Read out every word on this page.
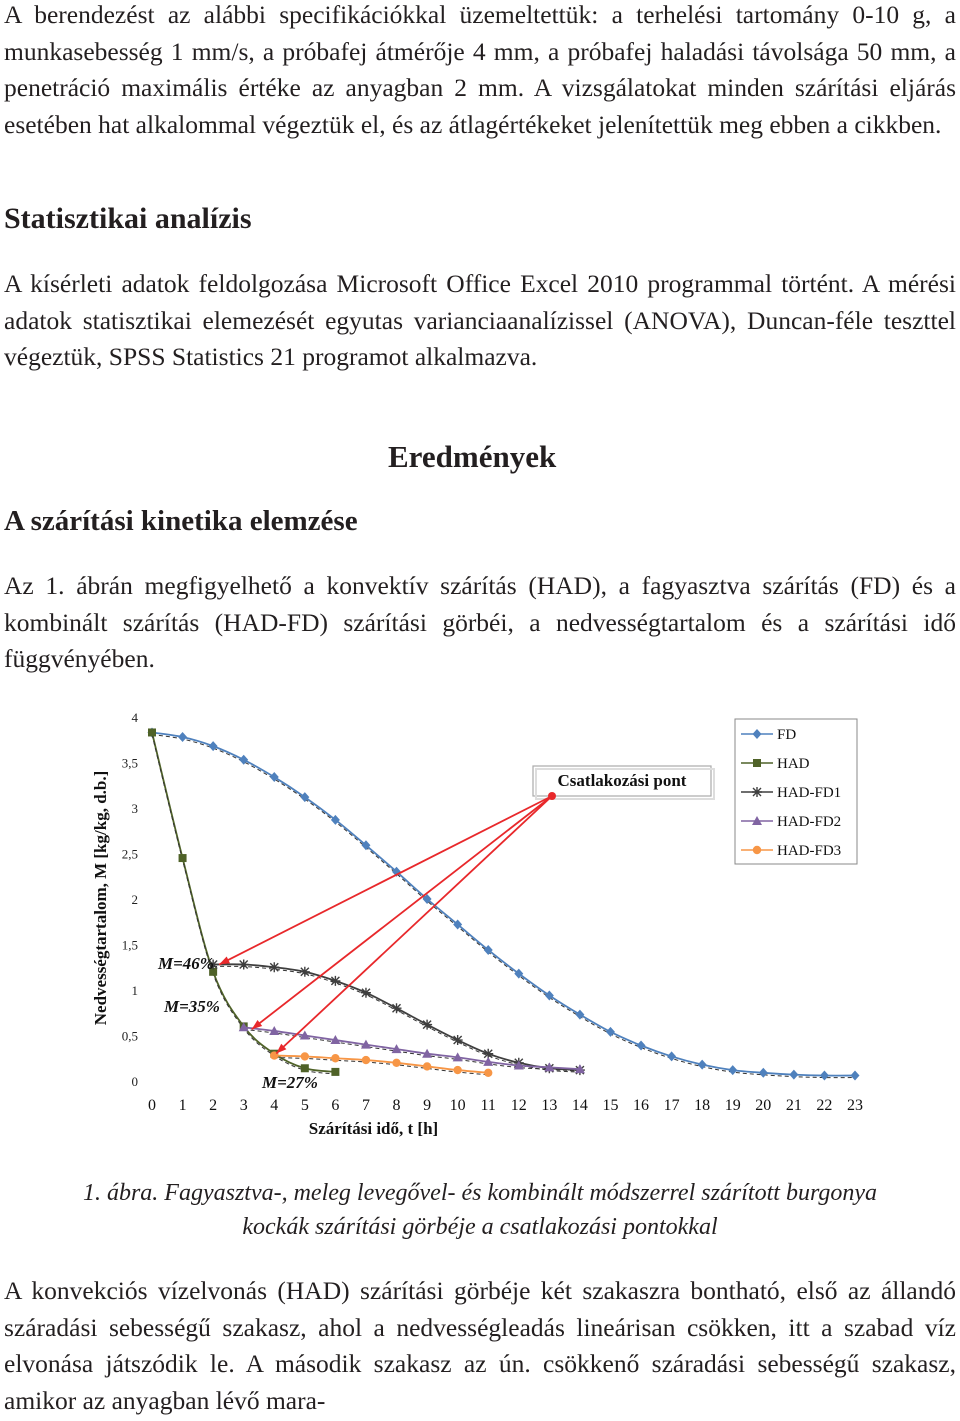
A berendezést az alábbi specifikációkkal üzemeltettük: a terhelési tartomány 0-10 g, a munkasebesség 1 mm/s, a próbafej átmérője 4 mm, a próbafej haladási távolsága 50 mm, a penetráció maximális értéke az anyagban 2 mm. A vizsgálatokat minden szárítási eljárás esetében hat alkalommal végeztük el, és az átlagértékeket jelenítettük meg ebben a cikkben.

Statisztikai analízis

A kísérleti adatok feldolgozása Microsoft Office Excel 2010 programmal történt. A mérési adatok statisztikai elemezését egyutas varianciaanalízissel (ANOVA), Duncan-féle teszttel végeztük, SPSS Statistics 21 programot alkalmazva.

Eredmények
A szárítási kinetika elemzése

Az 1. ábrán megfigyelhető a konvektív szárítás (HAD), a fagyasztva szárítás (FD) és a kombinált szárítás (HAD-FD) szárítási görbéi, a nedvességtartalom és a szárítási idő függvényében.

0
0,5
1
1,5
2
2,5
3
3,5
4
0 1 2 3 4 5 6 7 8 9 10 11 12 13 14 15 16 17 18 19 20 21 22 23
Csatlakozási pont
M=46%
M=35%
M=27%
FD
HAD
HAD-FD1
HAD-FD2
HAD-FD3
Szárítási idő, t [h]
Nedvességtartalom, M [kg/kg, d.b.]
1. ábra. Fagyasztva-, meleg levegővel- és kombinált módszerrel szárított burgonya
kockák szárítási görbéje a csatlakozási pontokkal

A konvekciós vízelvonás (HAD) szárítási görbéje két szakaszra bontható, első az állandó száradási sebességű szakasz, ahol a nedvességleadás lineárisan csökken, itt a szabad víz elvonása játszódik le. A második szakasz az ún. csökkenő száradási sebességű szakasz, amikor az anyagban lévő mara-
